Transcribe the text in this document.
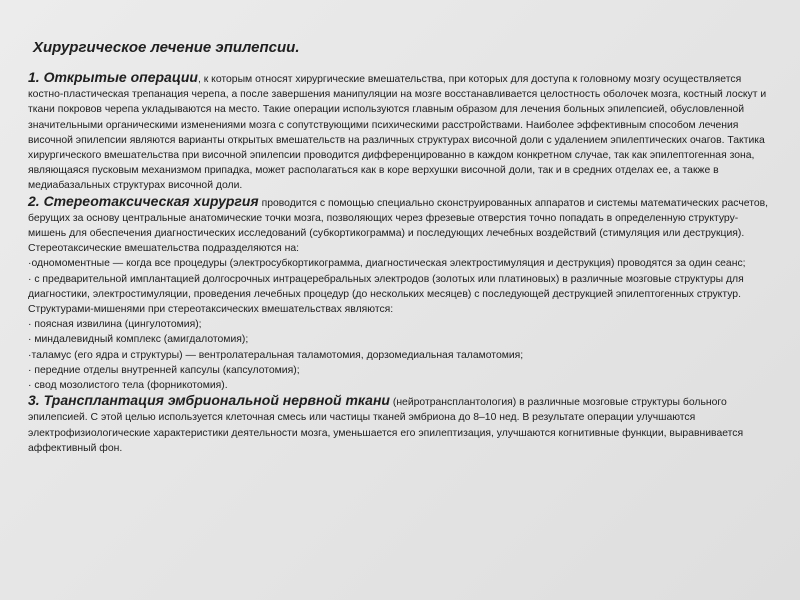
Хирургическое лечение эпилепсии.

1. Открытые операции, к которым относят хирургические вмешательства, при которых для доступа к головному мозгу осуществляется костно-пластическая трепанация черепа, а после завершения манипуляции на мозге восстанавливается целостность оболочек мозга, костный лоскут и ткани покровов черепа укладываются на место. Такие операции используются главным образом для лечения больных эпилепсией, обусловленной значительными органическими изменениями мозга с сопутствующими психическими расстройствами. Наиболее эффективным способом лечения височной эпилепсии являются варианты открытых вмешательств на различных структурах височной доли с удалением эпилептических очагов. Тактика хирургического вмешательства при височной эпилепсии проводится дифференцированно в каждом конкретном случае, так как эпилептогенная зона, являющаяся пусковым механизмом припадка, может располагаться как в коре верхушки височной доли, так и в средних отделах ее, а также в медиабазальных структурах височной доли.

2. Стереотаксическая хирургия проводится с помощью специально сконструированных аппаратов и системы математических расчетов, берущих за основу центральные анатомические точки мозга, позволяющих через фрезевые отверстия точно попадать в определенную структуру-мишень для обеспечения диагностических исследований (субкортикограмма) и последующих лечебных воздействий (стимуляция или деструкция).

Стереотаксические вмешательства подразделяются на:

·одномоментные — когда все процедуры (электросубкортикограмма, диагностическая электростимуляция и деструкция) проводятся за один сеанс;

· с предварительной имплантацией долгосрочных интрацеребральных электродов (золотых или платиновых) в различные мозговые структуры для диагностики, электростимуляции, проведения лечебных процедур (до нескольких месяцев) с последующей деструкцией эпилептогенных структур.

Структурами-мишенями при стереотаксических вмешательствах являются:

· поясная извилина (цингулотомия);

· миндалевидный комплекс (амигдалотомия);

·таламус (его ядра и структуры) — вентролатеральная таламотомия, дорзомедиальная таламотомия;

· передние отделы внутренней капсулы (капсулотомия);

· свод мозолистого тела (форникотомия).

3. Трансплантация эмбриональной нервной ткани (нейротрансплантология) в различные мозговые структуры больного эпилепсией. С этой целью используется клеточная смесь или частицы тканей эмбриона до 8–10 нед. В результате операции улучшаются электрофизиологические характеристики деятельности мозга, уменьшается его эпилептизация, улучшаются когнитивные функции, выравнивается аффективный фон.
